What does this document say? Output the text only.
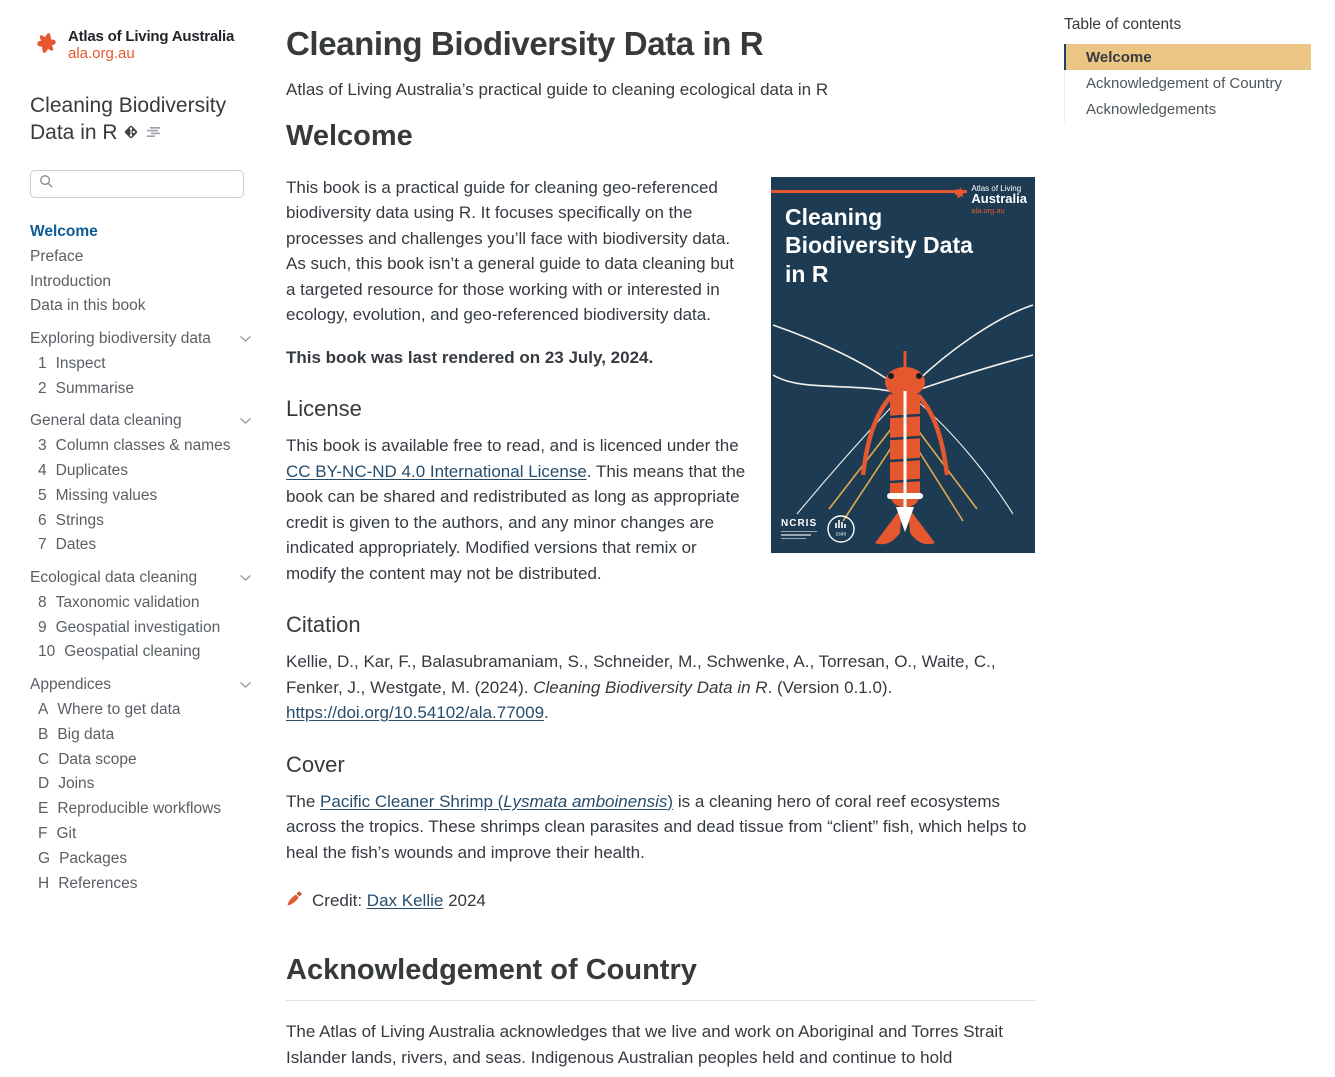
Atlas of Living Australia
ala.org.au
Cleaning Biodiversity Data in R
Welcome
Preface
Introduction
Data in this book
Exploring biodiversity data
1 Inspect
2 Summarise
General data cleaning
3 Column classes & names
4 Duplicates
5 Missing values
6 Strings
7 Dates
Ecological data cleaning
8 Taxonomic validation
9 Geospatial investigation
10 Geospatial cleaning
Appendices
A Where to get data
B Big data
C Data scope
D Joins
E Reproducible workflows
F Git
G Packages
H References
Cleaning Biodiversity Data in R

Atlas of Living Australia’s practical guide to cleaning ecological data in R

Welcome
Atlas of Living
Australia
ala.org.au
Cleaning Biodiversity Data in R
NCRIS
csiro

This book is a practical guide for cleaning geo-referenced biodiversity data using R. It focuses specifically on the processes and challenges you’ll face with biodiversity data. As such, this book isn’t a general guide to data cleaning but a targeted resource for those working with or interested in ecology, evolution, and geo-referenced biodiversity data.

This book was last rendered on 23 July, 2024.

License

This book is available free to read, and is licenced under the CC BY-NC-ND 4.0 International License. This means that the book can be shared and redistributed as long as appropriate credit is given to the authors, and any minor changes are indicated appropriately. Modified versions that remix or modify the content may not be distributed.

Citation

Kellie, D., Kar, F., Balasubramaniam, S., Schneider, M., Schwenke, A., Torresan, O., Waite, C., Fenker, J., Westgate, M. (2024). Cleaning Biodiversity Data in R. (Version 0.1.0). https://doi.org/10.54102/ala.77009.

Cover

The Pacific Cleaner Shrimp (Lysmata amboinensis) is a cleaning hero of coral reef ecosystems across the tropics. These shrimps clean parasites and dead tissue from “client” fish, which helps to heal the fish’s wounds and improve their health.

Credit: Dax Kellie 2024
Acknowledgement of Country

The Atlas of Living Australia acknowledges that we live and work on Aboriginal and Torres Strait Islander lands, rivers, and seas. Indigenous Australian peoples held and continue to hold

Table of contents
Welcome
Acknowledgement of Country
Acknowledgements
